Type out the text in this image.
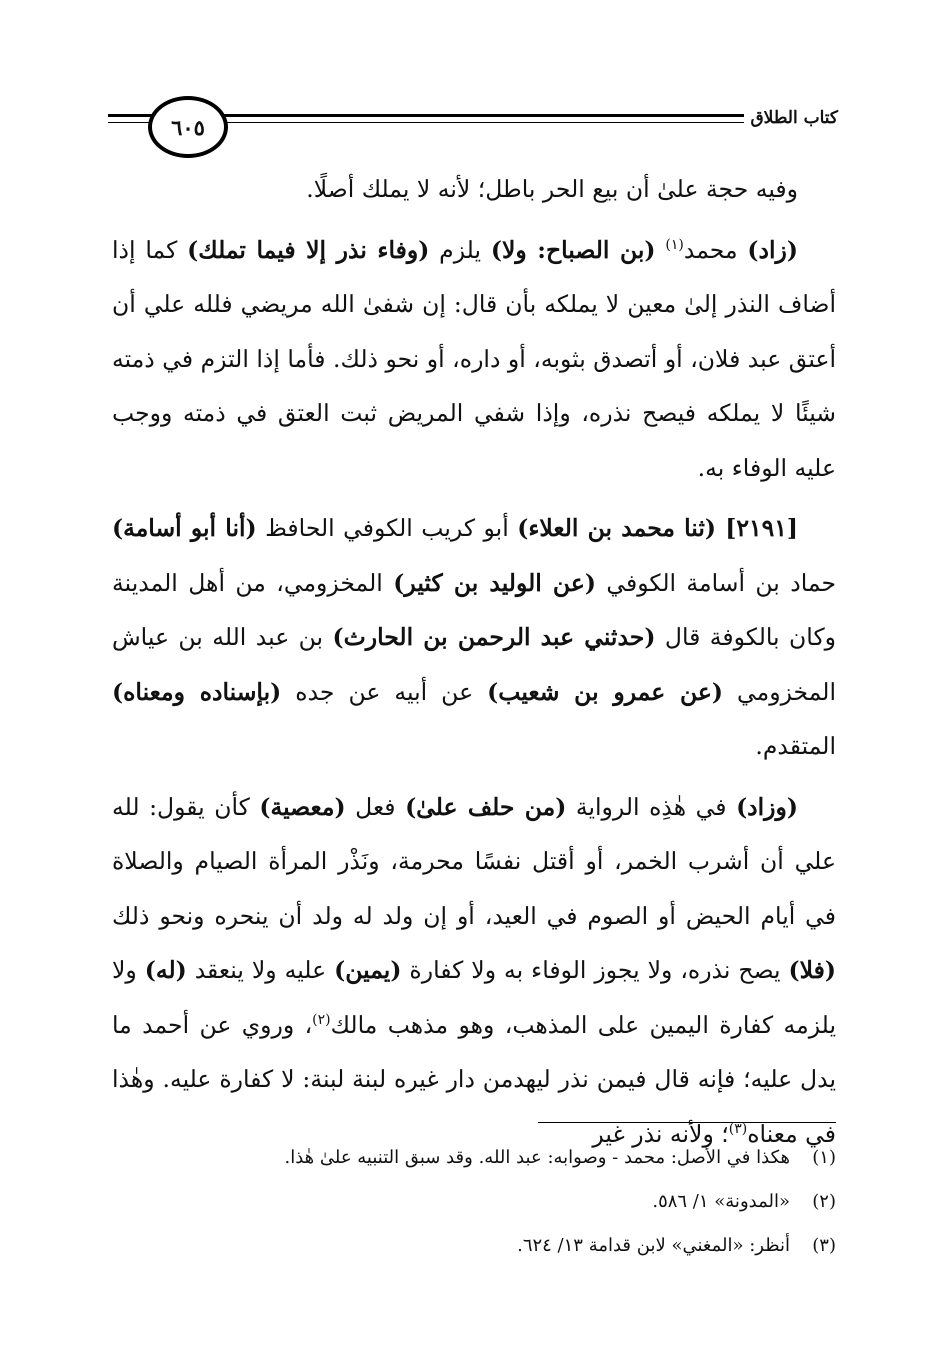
كتاب الطلاق
٦٠٥

وفيه حجة علىٰ أن بيع الحر باطل؛ لأنه لا يملك أصلًا.

(زاد) محمد$^{(١)}$ (بن الصباح: ولا) يلزم (وفاء نذر إلا فيما تملك) كما إذا أضاف النذر إلىٰ معين لا يملكه بأن قال: إن شفىٰ الله مريضي فلله علي أن أعتق عبد فلان، أو أتصدق بثوبه، أو داره، أو نحو ذلك. فأما إذا التزم في ذمته شيئًا لا يملكه فيصح نذره، وإذا شفي المريض ثبت العتق في ذمته ووجب عليه الوفاء به.

[٢١٩١] (ثنا محمد بن العلاء) أبو كريب الكوفي الحافظ (أنا أبو أسامة) حماد بن أسامة الكوفي (عن الوليد بن كثير) المخزومي، من أهل المدينة وكان بالكوفة قال (حدثني عبد الرحمن بن الحارث) بن عبد الله بن عياش المخزومي (عن عمرو بن شعيب) عن أبيه عن جده (بإسناده ومعناه) المتقدم.

(وزاد) في هٰذِه الرواية (من حلف علىٰ) فعل (معصية) كأن يقول: لله علي أن أشرب الخمر، أو أقتل نفسًا محرمة، ونَذْر المرأة الصيام والصلاة في أيام الحيض أو الصوم في العيد، أو إن ولد له ولد أن ينحره ونحو ذلك (فلا) يصح نذره، ولا يجوز الوفاء به ولا كفارة (يمين) عليه ولا ينعقد (له) ولا يلزمه كفارة اليمين على المذهب، وهو مذهب مالك$^{(٢)}$، وروي عن أحمد ما يدل عليه؛ فإنه قال فيمن نذر ليهدمن دار غيره لبنة لبنة: لا كفارة عليه. وهٰذا في معناه$^{(٣)}$؛ ولأنه نذر غير

(١)هكذا في الأصل: محمد - وصوابه: عبد الله. وقد سبق التنبيه علىٰ هٰذا.
(٢)«المدونة» ١/ ٥٨٦.
(٣)أنظر: «المغني» لابن قدامة ١٣/ ٦٢٤.
